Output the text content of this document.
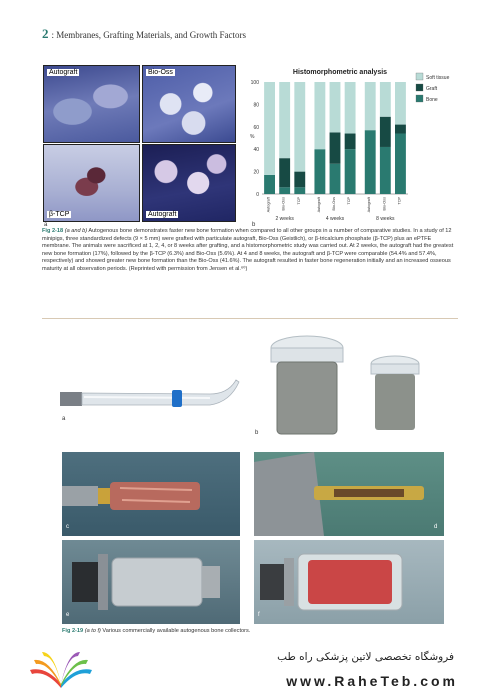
2 : Membranes, Grafting Materials, and Growth Factors
Autograft	Bio-Oss
β-TCP	Autograft
a
Histomorphometric analysis
0
20
40
60
80
100
%
Autograft	Bio-Oss	TCP	Autograft	Bio-Oss	TCP	Autograft	Bio-Oss	TCP
Soft tissue
Graft
Bone
2 weeks	4 weeks	8 weeks
b
Fig 2-18 (a and b) Autogenous bone demonstrates faster new bone formation when compared to all other groups in a number of comparative studies. In a study of 12 minipigs, three standardized defects (9 × 5 mm) were grafted with particulate autograft, Bio-Oss (Geistlich), or β-tricalcium phosphate (β-TCP) plus an ePTFE membrane. The animals were sacrificed at 1, 2, 4, or 8 weeks after grafting, and a histomorphometric study was carried out. At 2 weeks, the autograft had the greatest new bone formation (17%), followed by the β-TCP (6.3%) and Bio-Oss (5.6%). At 4 and 8 weeks, the autograft and β-TCP were comparable (54.4% and 57.4%, respectively) and showed greater new bone formation than the Bio-Oss (41.6%). The autograft resulted in faster bone regeneration initially and an increased osseous maturity at all observation periods. (Reprinted with permission from Jensen et al.⁶⁰)
a
b
c	d
e	f
Fig 2-19 (a to f) Various commercially available autogenous bone collectors.
فروشگاه تخصصی لاتین پزشکی راه طب
www.RaheTeb.com
